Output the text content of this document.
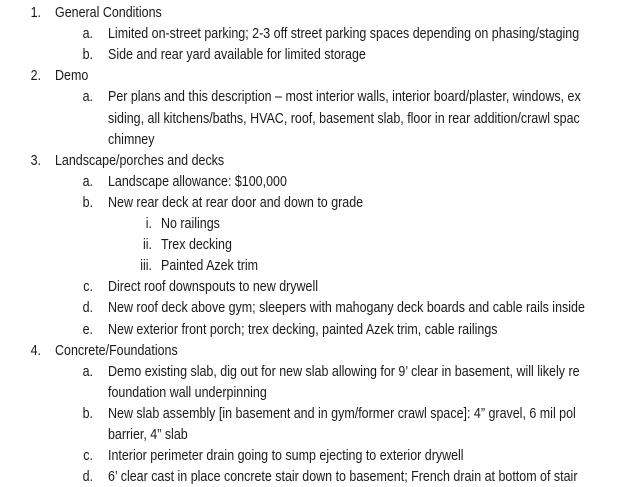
1. General Conditions
a. Limited on-street parking; 2-3 off street parking spaces depending on phasing/staging
b. Side and rear yard available for limited storage
2. Demo
a. Per plans and this description – most interior walls, interior board/plaster, windows, ex
siding, all kitchens/baths, HVAC, roof, basement slab, floor in rear addition/crawl spac
chimney
3. Landscape/porches and decks
a. Landscape allowance: $100,000
b. New rear deck at rear door and down to grade
i. No railings
ii. Trex decking
iii. Painted Azek trim
c. Direct roof downspouts to new drywell
d. New roof deck above gym; sleepers with mahogany deck boards and cable rails inside
e. New exterior front porch; trex decking, painted Azek trim, cable railings
4. Concrete/Foundations
a. Demo existing slab, dig out for new slab allowing for 9’ clear in basement, will likely re
foundation wall underpinning
b. New slab assembly [in basement and in gym/former crawl space]: 4” gravel, 6 mil pol
barrier, 4” slab
c. Interior perimeter drain going to sump ejecting to exterior drywell
d. 6’ clear cast in place concrete stair down to basement; French drain at bottom of stair
